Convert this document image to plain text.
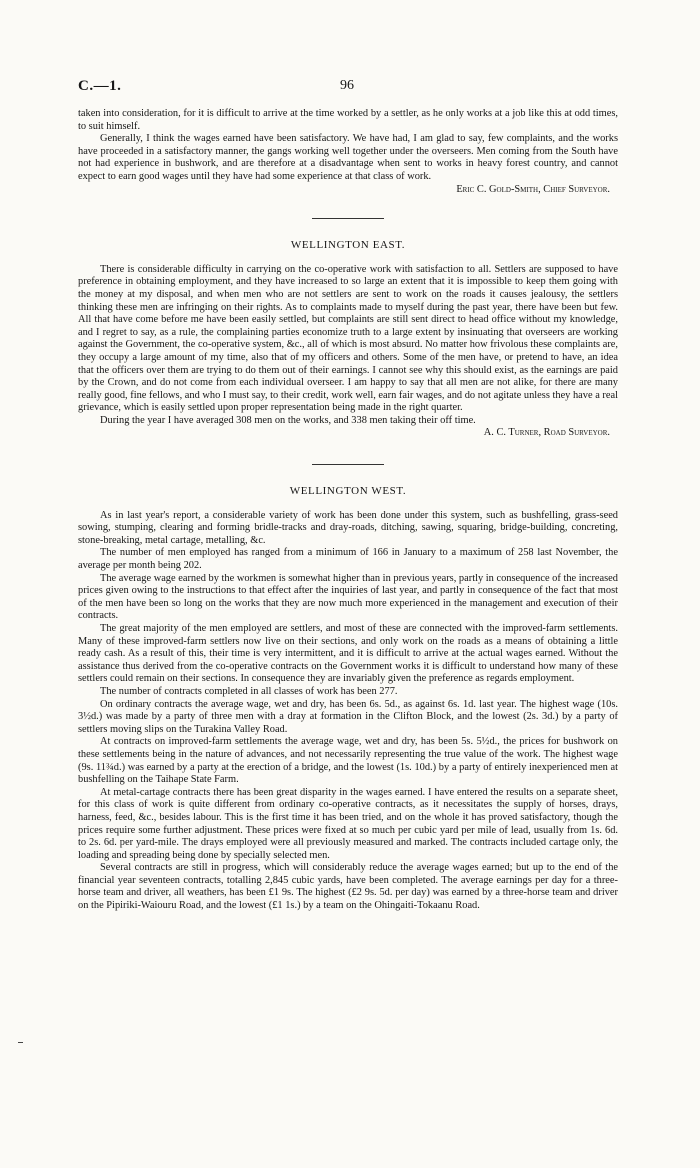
C.—1.	96

taken into consideration, for it is difficult to arrive at the time worked by a settler, as he only works at a job like this at odd times, to suit himself.

Generally, I think the wages earned have been satisfactory. We have had, I am glad to say, few complaints, and the works have proceeded in a satisfactory manner, the gangs working well together under the overseers. Men coming from the South have not had experience in bushwork, and are therefore at a disadvantage when sent to works in heavy forest country, and cannot expect to earn good wages until they have had some experience at that class of work.

Eric C. Gold-Smith, Chief Surveyor.

WELLINGTON EAST.

There is considerable difficulty in carrying on the co-operative work with satisfaction to all. Settlers are supposed to have preference in obtaining employment, and they have increased to so large an extent that it is impossible to keep them going with the money at my disposal, and when men who are not settlers are sent to work on the roads it causes jealousy, the settlers thinking these men are infringing on their rights. As to complaints made to myself during the past year, there have been but few. All that have come before me have been easily settled, but complaints are still sent direct to head office without my knowledge, and I regret to say, as a rule, the complaining parties economize truth to a large extent by insinuating that overseers are working against the Government, the co-operative system, &c., all of which is most absurd. No matter how frivolous these complaints are, they occupy a large amount of my time, also that of my officers and others. Some of the men have, or pretend to have, an idea that the officers over them are trying to do them out of their earnings. I cannot see why this should exist, as the earnings are paid by the Crown, and do not come from each individual overseer. I am happy to say that all men are not alike, for there are many really good, fine fellows, and who I must say, to their credit, work well, earn fair wages, and do not agitate unless they have a real grievance, which is easily settled upon proper representation being made in the right quarter.

During the year I have averaged 308 men on the works, and 338 men taking their off time.

A. C. Turner, Road Surveyor.

WELLINGTON WEST.

As in last year's report, a considerable variety of work has been done under this system, such as bushfelling, grass-seed sowing, stumping, clearing and forming bridle-tracks and dray-roads, ditching, sawing, squaring, bridge-building, concreting, stone-breaking, metal cartage, metalling, &c.

The number of men employed has ranged from a minimum of 166 in January to a maximum of 258 last November, the average per month being 202.

The average wage earned by the workmen is somewhat higher than in previous years, partly in consequence of the increased prices given owing to the instructions to that effect after the inquiries of last year, and partly in consequence of the fact that most of the men have been so long on the works that they are now much more experienced in the management and execution of their contracts.

The great majority of the men employed are settlers, and most of these are connected with the improved-farm settlements. Many of these improved-farm settlers now live on their sections, and only work on the roads as a means of obtaining a little ready cash. As a result of this, their time is very intermittent, and it is difficult to arrive at the actual wages earned. Without the assistance thus derived from the co-operative contracts on the Government works it is difficult to understand how many of these settlers could remain on their sections. In consequence they are invariably given the preference as regards employment.

The number of contracts completed in all classes of work has been 277.

On ordinary contracts the average wage, wet and dry, has been 6s. 5d., as against 6s. 1d. last year. The highest wage (10s. 3½d.) was made by a party of three men with a dray at formation in the Clifton Block, and the lowest (2s. 3d.) by a party of settlers moving slips on the Turakina Valley Road.

At contracts on improved-farm settlements the average wage, wet and dry, has been 5s. 5½d., the prices for bushwork on these settlements being in the nature of advances, and not necessarily representing the true value of the work. The highest wage (9s. 11¾d.) was earned by a party at the erection of a bridge, and the lowest (1s. 10d.) by a party of entirely inexperienced men at bushfelling on the Taihape State Farm.

At metal-cartage contracts there has been great disparity in the wages earned. I have entered the results on a separate sheet, for this class of work is quite different from ordinary co-operative contracts, as it necessitates the supply of horses, drays, harness, feed, &c., besides labour. This is the first time it has been tried, and on the whole it has proved satisfactory, though the prices require some further adjustment. These prices were fixed at so much per cubic yard per mile of lead, usually from 1s. 6d. to 2s. 6d. per yard-mile. The drays employed were all previously measured and marked. The contracts included cartage only, the loading and spreading being done by specially selected men.

Several contracts are still in progress, which will considerably reduce the average wages earned; but up to the end of the financial year seventeen contracts, totalling 2,845 cubic yards, have been completed. The average earnings per day for a three-horse team and driver, all weathers, has been £1 9s. The highest (£2 9s. 5d. per day) was earned by a three-horse team and driver on the Pipiriki-Waiouru Road, and the lowest (£1 1s.) by a team on the Ohingaiti-Tokaanu Road.
